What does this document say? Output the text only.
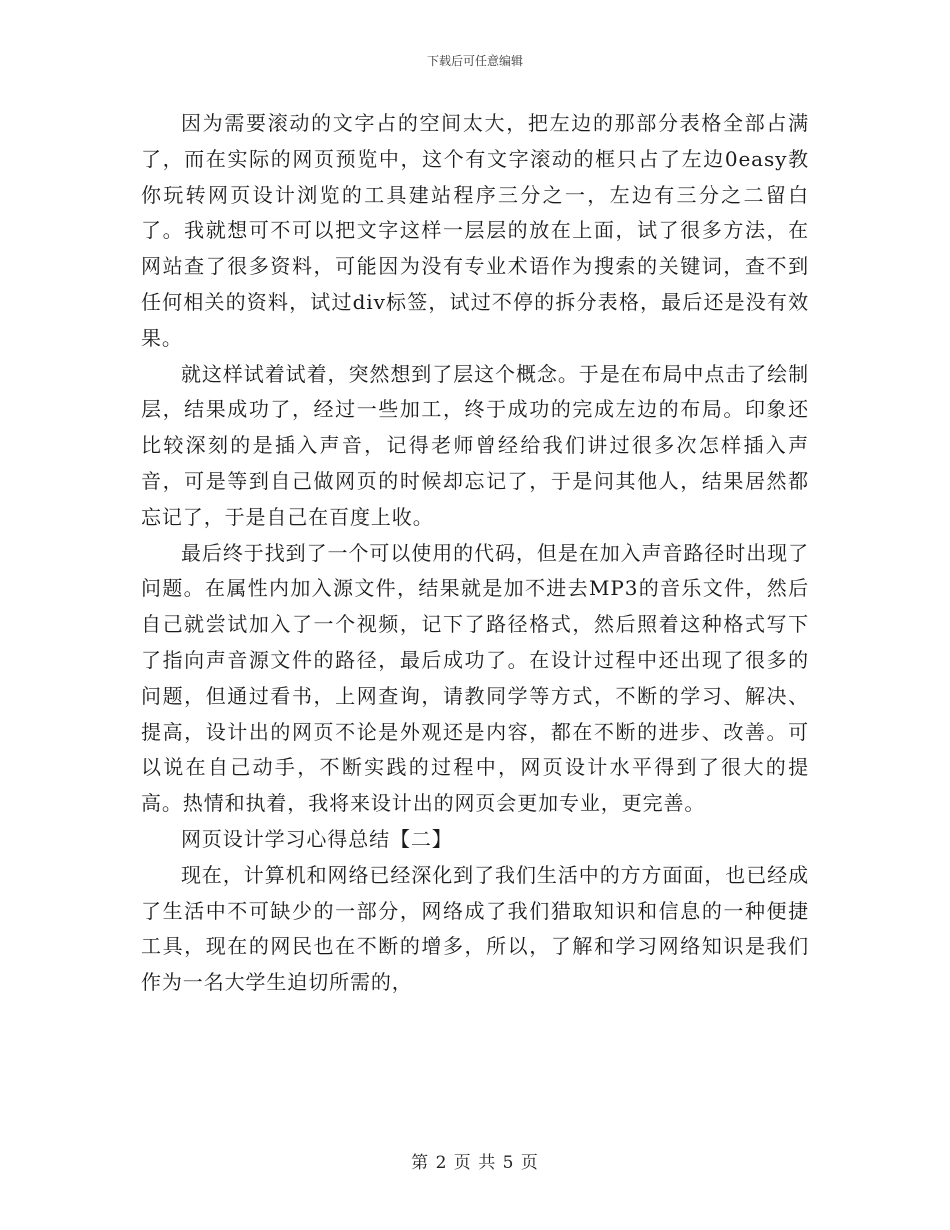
下载后可任意编辑

因为需要滚动的文字占的空间太大，把左边的那部分表格全部占满了，而在实际的网页预览中，这个有文字滚动的框只占了左边0easy教你玩转网页设计浏览的工具建站程序三分之一，左边有三分之二留白了。我就想可不可以把文字这样一层层的放在上面，试了很多方法，在网站查了很多资料，可能因为没有专业术语作为搜索的关键词，查不到任何相关的资料，试过div标签，试过不停的拆分表格，最后还是没有效果。

就这样试着试着，突然想到了层这个概念。于是在布局中点击了绘制层，结果成功了，经过一些加工，终于成功的完成左边的布局。印象还比较深刻的是插入声音，记得老师曾经给我们讲过很多次怎样插入声音，可是等到自己做网页的时候却忘记了，于是问其他人，结果居然都忘记了，于是自己在百度上收。

最后终于找到了一个可以使用的代码，但是在加入声音路径时出现了问题。在属性内加入源文件，结果就是加不进去MP3的音乐文件，然后自己就尝试加入了一个视频，记下了路径格式，然后照着这种格式写下了指向声音源文件的路径，最后成功了。在设计过程中还出现了很多的问题，但通过看书，上网查询，请教同学等方式，不断的学习、解决、提高，设计出的网页不论是外观还是内容，都在不断的进步、改善。可以说在自己动手，不断实践的过程中，网页设计水平得到了很大的提高。热情和执着，我将来设计出的网页会更加专业，更完善。

网页设计学习心得总结【二】

现在，计算机和网络已经深化到了我们生活中的方方面面，也已经成了生活中不可缺少的一部分，网络成了我们猎取知识和信息的一种便捷工具，现在的网民也在不断的增多，所以，了解和学习网络知识是我们作为一名大学生迫切所需的，

第 2 页 共 5 页
